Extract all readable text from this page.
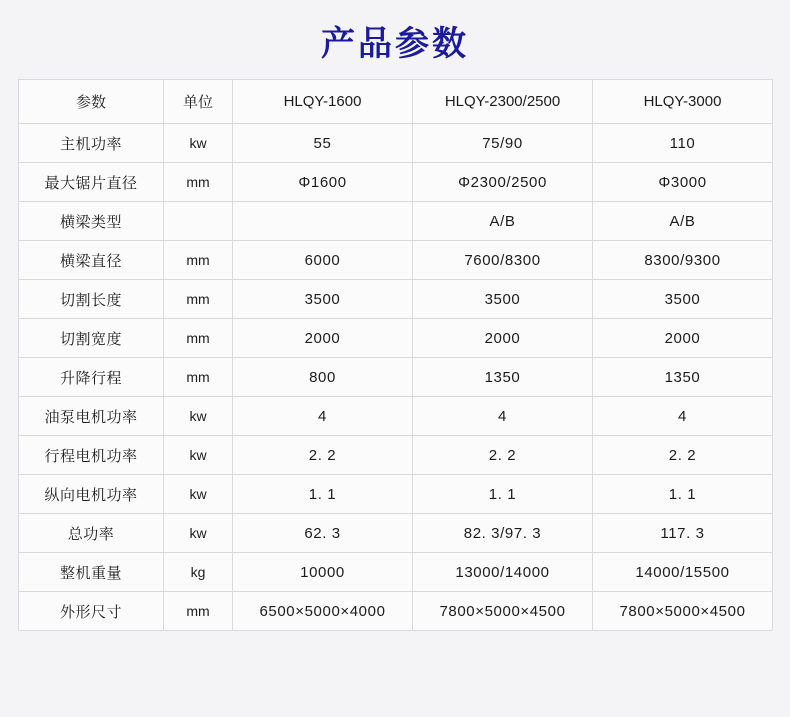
产品参数
参数	单位	HLQY-1600	HLQY-2300/2500	HLQY-3000
主机功率	kw	55	75/90	110
最大锯片直径	mm	Φ1600	Φ2300/2500	Φ3000
横梁类型			A/B	A/B
横梁直径	mm	6000	7600/8300	8300/9300
切割长度	mm	3500	3500	3500
切割宽度	mm	2000	2000	2000
升降行程	mm	800	1350	1350
油泵电机功率	kw	4	4	4
行程电机功率	kw	2. 2	2. 2	2. 2
纵向电机功率	kw	1. 1	1. 1	1. 1
总功率	kw	62. 3	82. 3/97. 3	117. 3
整机重量	kg	10000	13000/14000	14000/15500
外形尺寸	mm	6500×5000×4000	7800×5000×4500	7800×5000×4500
